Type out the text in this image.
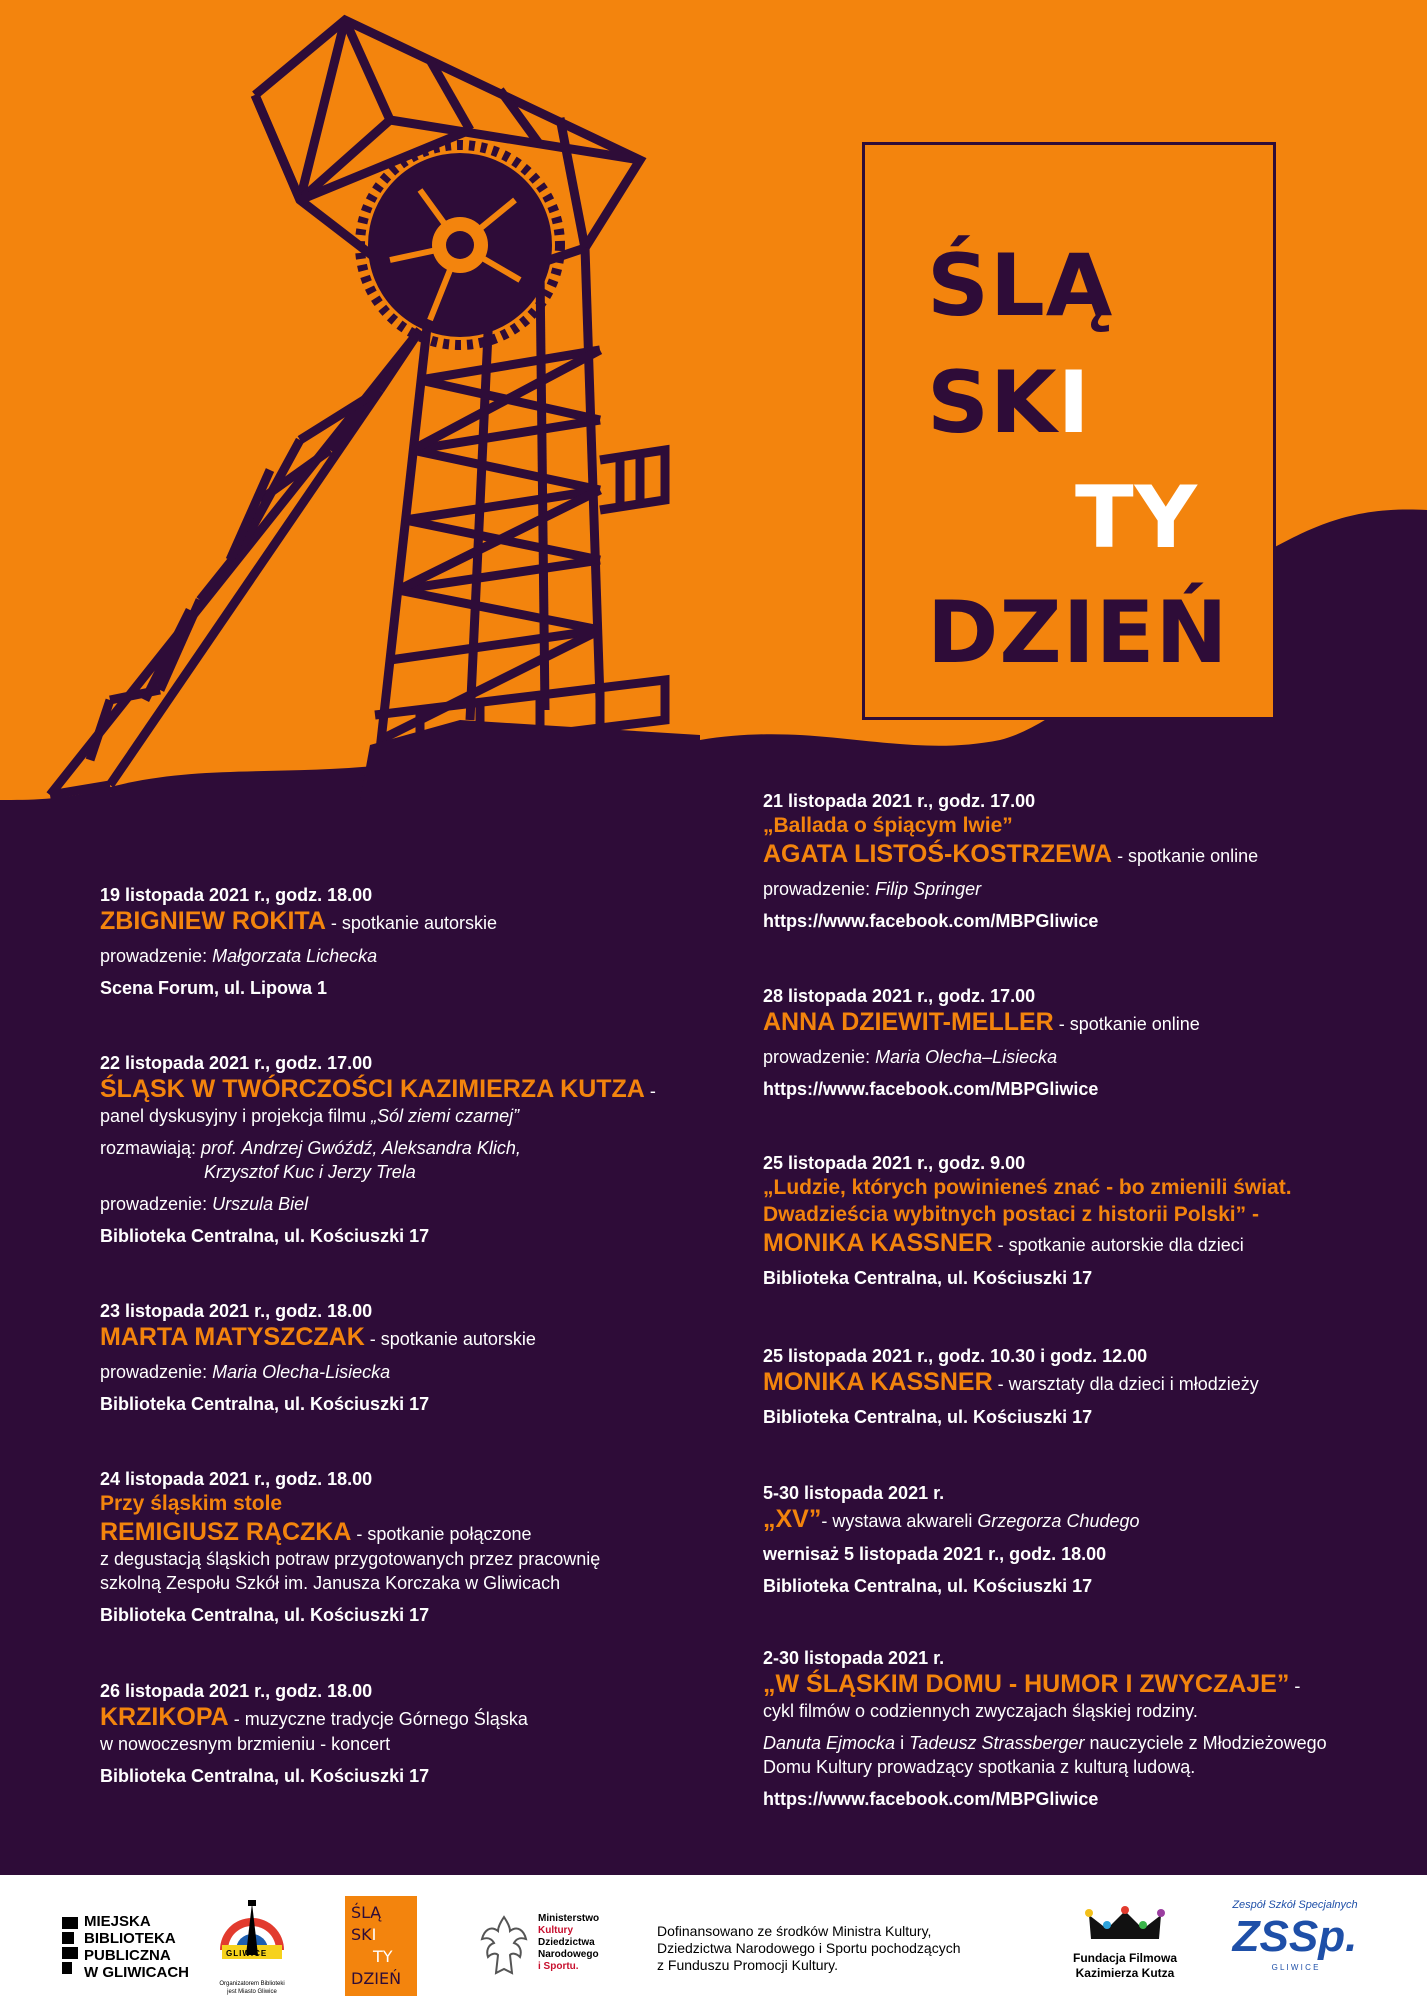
ŚLĄ
SKI
TY
DZIEŃ
19 listopada 2021 r., godz. 18.00
ZBIGNIEW ROKITA - spotkanie autorskie
prowadzenie: Małgorzata Lichecka
Scena Forum, ul. Lipowa 1
22 listopada 2021 r., godz. 17.00
ŚLĄSK W TWÓRCZOŚCI KAZIMIERZA KUTZA -
panel dyskusyjny i projekcja filmu „Sól ziemi czarnej”
rozmawiają: prof. Andrzej Gwóźdź, Aleksandra Klich,
Krzysztof Kuc i Jerzy Trela
prowadzenie: Urszula Biel
Biblioteka Centralna, ul. Kościuszki 17
23 listopada 2021 r., godz. 18.00
MARTA MATYSZCZAK - spotkanie autorskie
prowadzenie: Maria Olecha-Lisiecka
Biblioteka Centralna, ul. Kościuszki 17
24 listopada 2021 r., godz. 18.00
Przy śląskim stole
REMIGIUSZ RĄCZKA - spotkanie połączone
z degustacją śląskich potraw przygotowanych przez pracownię
szkolną Zespołu Szkół im. Janusza Korczaka w Gliwicach
Biblioteka Centralna, ul. Kościuszki 17
26 listopada 2021 r., godz. 18.00
KRZIKOPA - muzyczne tradycje Górnego Śląska
w nowoczesnym brzmieniu - koncert
Biblioteka Centralna, ul. Kościuszki 17
21 listopada 2021 r., godz. 17.00
„Ballada o śpiącym lwie”
AGATA LISTOŚ-KOSTRZEWA - spotkanie online
prowadzenie: Filip Springer
https://www.facebook.com/MBPGliwice
28 listopada 2021 r., godz. 17.00
ANNA DZIEWIT-MELLER - spotkanie online
prowadzenie: Maria Olecha–Lisiecka
https://www.facebook.com/MBPGliwice
25 listopada 2021 r., godz. 9.00
„Ludzie, których powinieneś znać - bo zmienili świat.
Dwadzieścia wybitnych postaci z historii Polski” -
MONIKA KASSNER - spotkanie autorskie dla dzieci
Biblioteka Centralna, ul. Kościuszki 17
25 listopada 2021 r., godz. 10.30 i godz. 12.00
MONIKA KASSNER - warsztaty dla dzieci i młodzieży
Biblioteka Centralna, ul. Kościuszki 17
5-30 listopada 2021 r.
„XV”- wystawa akwareli Grzegorza Chudego
wernisaż 5 listopada 2021 r., godz. 18.00
Biblioteka Centralna, ul. Kościuszki 17
2-30 listopada 2021 r.
„W ŚLĄSKIM DOMU - HUMOR I ZWYCZAJE” -
cykl filmów o codziennych zwyczajach śląskiej rodziny.
Danuta Ejmocka i Tadeusz Strassberger nauczyciele z Młodzieżowego
Domu Kultury prowadzący spotkania z kulturą ludową.
https://www.facebook.com/MBPGliwice
MIEJSKA
BIBLIOTEKA
PUBLICZNA
W GLIWICACH
GLIWICE
Organizatorem Biblioteki
jest Miasto Gliwice
ŚLĄ
SKI
TY
DZIEŃ
Ministerstwo
Kultury
Dziedzictwa
Narodowego
i Sportu.
Dofinansowano ze środków Ministra Kultury,
Dziedzictwa Narodowego i Sportu pochodzących
z Funduszu Promocji Kultury.	Fundacja Filmowa
Kazimierza Kutza
Zespół Szkół Specjalnych
ZSSp.
G L I W I C E
